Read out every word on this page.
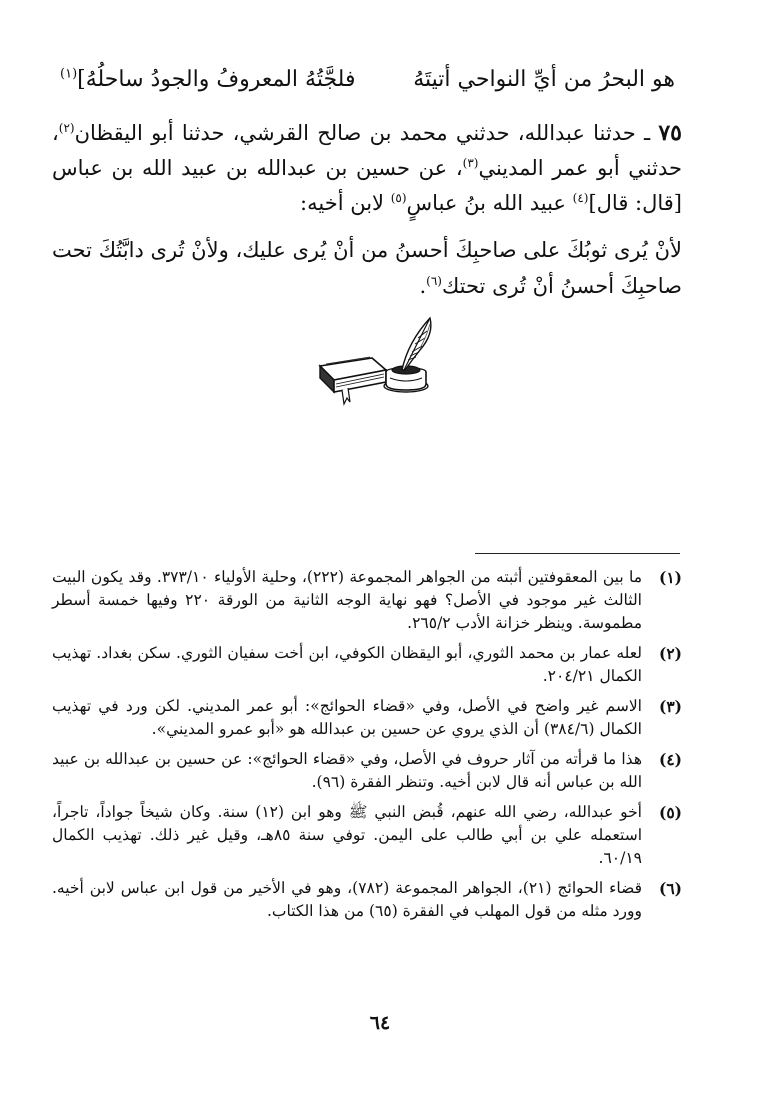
هو البحرُ من أيِّ النواحي أتيتَهُ
فلجَّتُهُ المعروفُ والجودُ ساحلُهُ]$^{(١)}$
٧٥ ـ حدثنا عبدالله، حدثني محمد بن صالح القرشي، حدثنا أبو اليقظان$^{(٢)}$، حدثني أبو عمر المديني$^{(٣)}$، عن حسين بن عبدالله بن عبيد الله بن عباس [قال: قال]$^{(٤)}$ عبيد الله بنُ عباسٍ$^{(٥)}$ لابن أخيه:
لأنْ يُرى ثوبُكَ على صاحبِكَ أحسنُ من أنْ يُرى عليك، ولأنْ تُرى دابَّتُكَ تحت صاحبِكَ أحسنُ أنْ تُرى تحتك$^{(٦)}$.
(١)
ما بين المعقوفتين أثبته من الجواهر المجموعة (٢٢٢)، وحلية الأولياء ٣٧٣/١٠. وقد يكون البيت الثالث غير موجود في الأصل؟ فهو نهاية الوجه الثانية من الورقة ٢٢٠ وفيها خمسة أسطر مطموسة. وينظر خزانة الأدب ٢٦٥/٢.
(٢)
لعله عمار بن محمد الثوري، أبو اليقظان الكوفي، ابن أخت سفيان الثوري. سكن بغداد. تهذيب الكمال ٢٠٤/٢١.
(٣)
الاسم غير واضح في الأصل، وفي «قضاء الحوائج»: أبو عمر المديني. لكن ورد في تهذيب الكمال (٣٨٤/٦) أن الذي يروي عن حسين بن عبدالله هو «أبو عمرو المديني».
(٤)
هذا ما قرأته من آثار حروف في الأصل، وفي «قضاء الحوائج»: عن حسين بن عبدالله بن عبيد الله بن عباس أنه قال لابن أخيه. وتنظر الفقرة (٩٦).
(٥)
أخو عبدالله، رضي الله عنهم، قُبض النبي ﷺ وهو ابن (١٢) سنة. وكان شيخاً جواداً، تاجراً، استعمله علي بن أبي طالب على اليمن. توفي سنة ٨٥هـ، وقيل غير ذلك. تهذيب الكمال ٦٠/١٩.
(٦)
قضاء الحوائج (٢١)، الجواهر المجموعة (٧٨٢)، وهو في الأخير من قول ابن عباس لابن أخيه. وورد مثله من قول المهلب في الفقرة (٦٥) من هذا الكتاب.
٦٤
